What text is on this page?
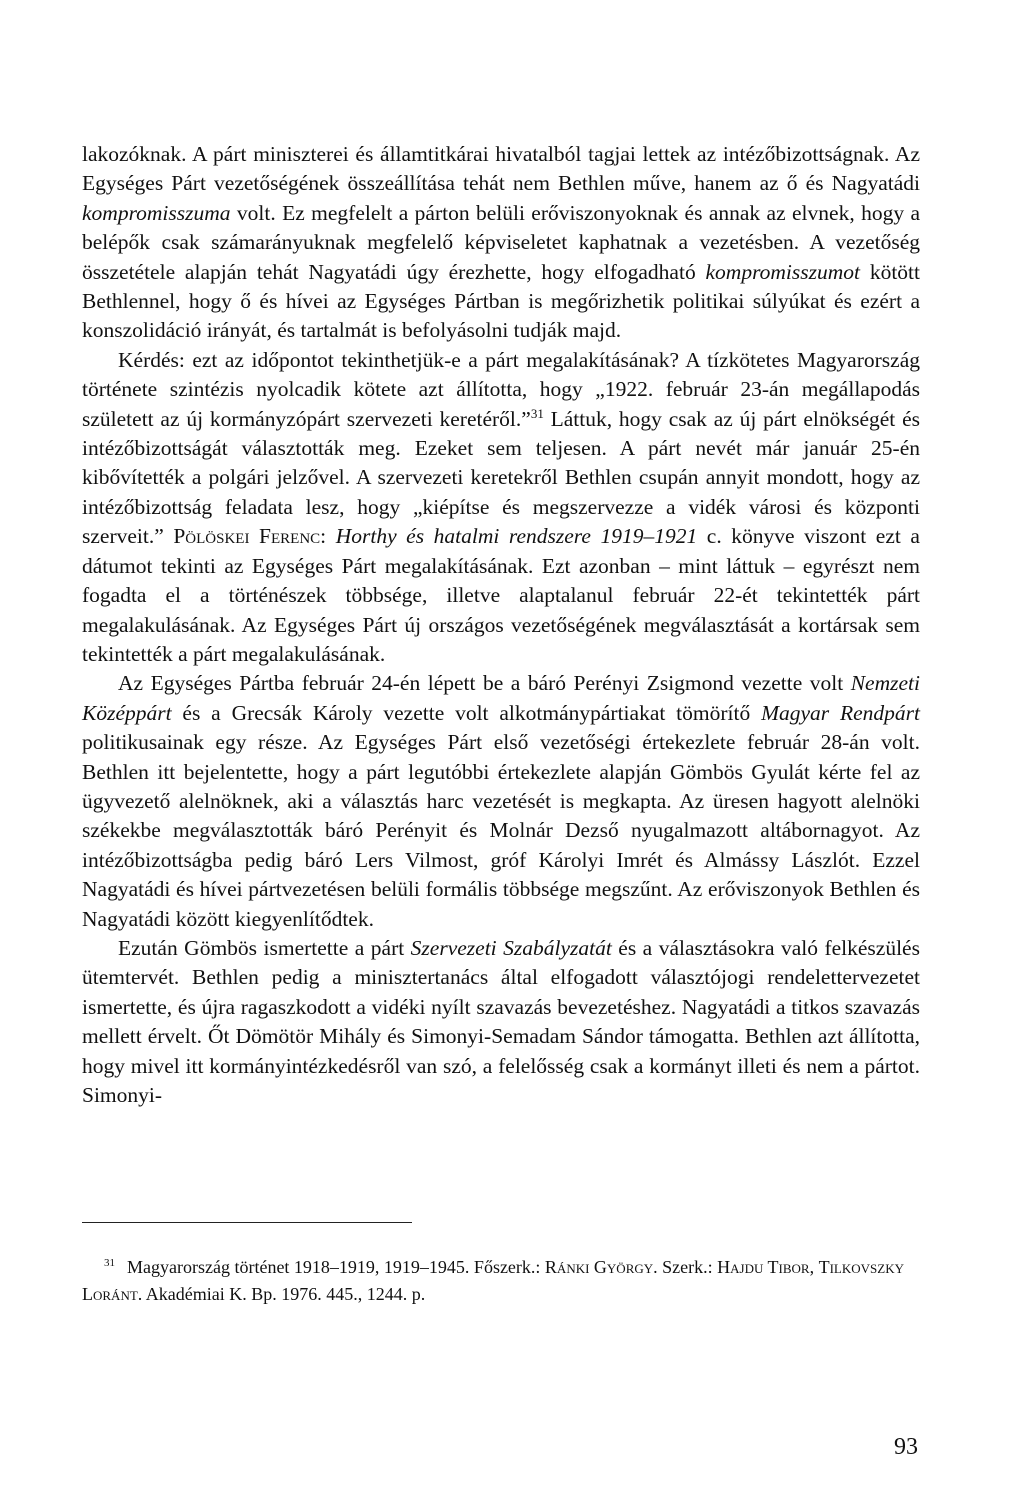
lakozóknak. A párt miniszterei és államtitkárai hivatalból tagjai lettek az intézőbizottságnak. Az Egységes Párt vezetőségének összeállítása tehát nem Bethlen műve, hanem az ő és Nagyatádi kompromisszuma volt. Ez megfelelt a párton belüli erőviszonyoknak és annak az elvnek, hogy a belépők csak számarányuknak megfelelő képviseletet kaphatnak a vezetésben. A vezetőség összetétele alapján tehát Nagyatádi úgy érezhette, hogy elfogadható kompromisszumot kötött Bethlennel, hogy ő és hívei az Egységes Pártban is megőrizhetik politikai súlyúkat és ezért a konszolidáció irányát, és tartalmát is befolyásolni tudják majd.

Kérdés: ezt az időpontot tekinthetjük-e a párt megalakításának? A tízkötetes Magyarország története szintézis nyolcadik kötete azt állította, hogy „1922. február 23-án megállapodás született az új kormányzópárt szervezeti keretéről.”$^{31}$ Láttuk, hogy csak az új párt elnökségét és intézőbizottságát választották meg. Ezeket sem teljesen. A párt nevét már január 25-én kibővítették a polgári jelzővel. A szervezeti keretekről Bethlen csupán annyit mondott, hogy az intézőbizottság feladata lesz, hogy „kiépítse és megszervezze a vidék városi és központi szerveit.” Pölöskei Ferenc: Horthy és hatalmi rendszere 1919–1921 c. könyve viszont ezt a dátumot tekinti az Egységes Párt megalakításának. Ezt azonban – mint láttuk – egyrészt nem fogadta el a történészek többsége, illetve alaptalanul február 22-ét tekintették párt megalakulásának. Az Egységes Párt új országos vezetőségének megválasztását a kortársak sem tekintették a párt megalakulásának.

Az Egységes Pártba február 24-én lépett be a báró Perényi Zsigmond vezette volt Nemzeti Középpárt és a Grecsák Károly vezette volt alkotmánypártiakat tömörítő Magyar Rendpárt politikusainak egy része. Az Egységes Párt első vezetőségi értekezlete február 28-án volt. Bethlen itt bejelentette, hogy a párt legutóbbi értekezlete alapján Gömbös Gyulát kérte fel az ügyvezető alelnöknek, aki a választás harc vezetését is megkapta. Az üresen hagyott alelnöki székekbe megválasztották báró Perényit és Molnár Dezső nyugalmazott altábornagyot. Az intézőbizottságba pedig báró Lers Vilmost, gróf Károlyi Imrét és Almássy Lászlót. Ezzel Nagyatádi és hívei pártvezetésen belüli formális többsége megszűnt. Az erőviszonyok Bethlen és Nagyatádi között kiegyenlítődtek.

Ezután Gömbös ismertette a párt Szervezeti Szabályzatát és a választásokra való felkészülés ütemtervét. Bethlen pedig a minisztertanács által elfogadott választójogi rendelettervezetet ismertette, és újra ragaszkodott a vidéki nyílt szavazás bevezetéshez. Nagyatádi a titkos szavazás mellett érvelt. Őt Dömötör Mihály és Simonyi-Semadam Sándor támogatta. Bethlen azt állította, hogy mivel itt kormányintézkedésről van szó, a felelősség csak a kormányt illeti és nem a pártot. Simonyi-

$^{31}$ Magyarország történet 1918–1919, 1919–1945. Főszerk.: Ránki György. Szerk.: Hajdu Tibor, Tilkovszky Loránt. Akadémiai K. Bp. 1976. 445., 1244. p.

93
